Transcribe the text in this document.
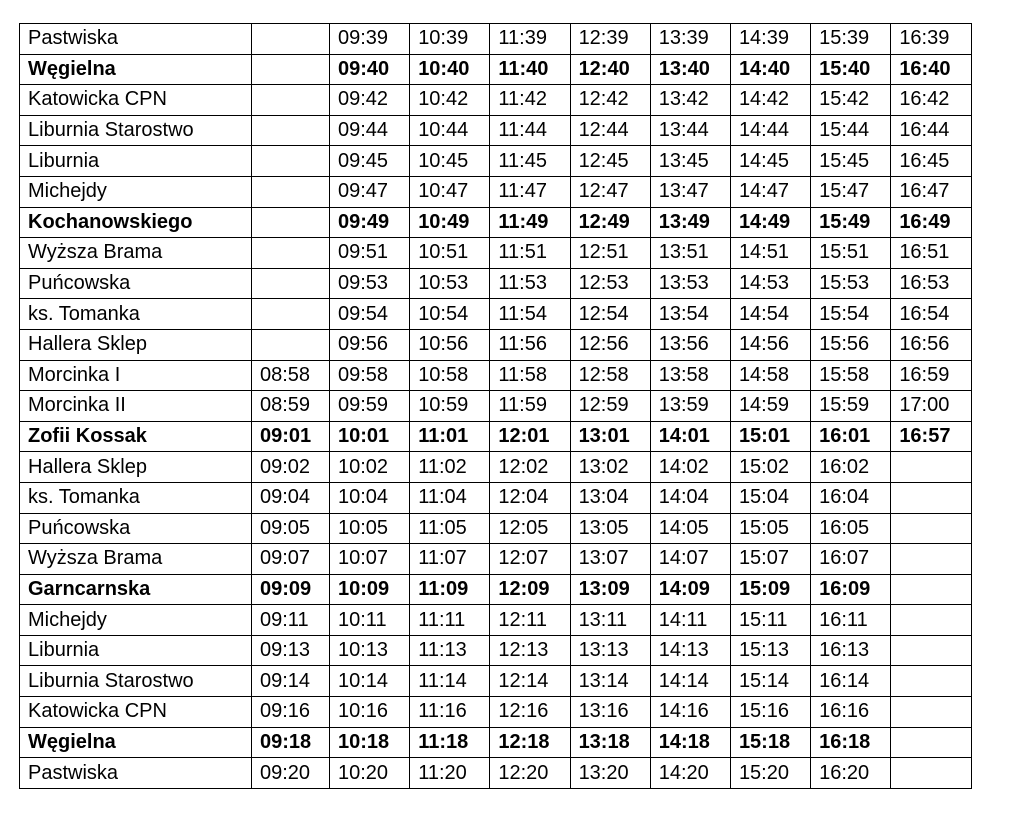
Pastwiska		09:39	10:39	11:39	12:39	13:39	14:39	15:39	16:39
Węgielna		09:40	10:40	11:40	12:40	13:40	14:40	15:40	16:40
Katowicka CPN		09:42	10:42	11:42	12:42	13:42	14:42	15:42	16:42
Liburnia Starostwo		09:44	10:44	11:44	12:44	13:44	14:44	15:44	16:44
Liburnia		09:45	10:45	11:45	12:45	13:45	14:45	15:45	16:45
Michejdy		09:47	10:47	11:47	12:47	13:47	14:47	15:47	16:47
Kochanowskiego		09:49	10:49	11:49	12:49	13:49	14:49	15:49	16:49
Wyższa Brama		09:51	10:51	11:51	12:51	13:51	14:51	15:51	16:51
Puńcowska		09:53	10:53	11:53	12:53	13:53	14:53	15:53	16:53
ks. Tomanka		09:54	10:54	11:54	12:54	13:54	14:54	15:54	16:54
Hallera Sklep		09:56	10:56	11:56	12:56	13:56	14:56	15:56	16:56
Morcinka I	08:58	09:58	10:58	11:58	12:58	13:58	14:58	15:58	16:59
Morcinka II	08:59	09:59	10:59	11:59	12:59	13:59	14:59	15:59	17:00
Zofii Kossak	09:01	10:01	11:01	12:01	13:01	14:01	15:01	16:01	16:57
Hallera Sklep	09:02	10:02	11:02	12:02	13:02	14:02	15:02	16:02	
ks. Tomanka	09:04	10:04	11:04	12:04	13:04	14:04	15:04	16:04	
Puńcowska	09:05	10:05	11:05	12:05	13:05	14:05	15:05	16:05	
Wyższa Brama	09:07	10:07	11:07	12:07	13:07	14:07	15:07	16:07	
Garncarnska	09:09	10:09	11:09	12:09	13:09	14:09	15:09	16:09	
Michejdy	09:11	10:11	11:11	12:11	13:11	14:11	15:11	16:11	
Liburnia	09:13	10:13	11:13	12:13	13:13	14:13	15:13	16:13	
Liburnia Starostwo	09:14	10:14	11:14	12:14	13:14	14:14	15:14	16:14	
Katowicka CPN	09:16	10:16	11:16	12:16	13:16	14:16	15:16	16:16	
Węgielna	09:18	10:18	11:18	12:18	13:18	14:18	15:18	16:18	
Pastwiska	09:20	10:20	11:20	12:20	13:20	14:20	15:20	16:20	
